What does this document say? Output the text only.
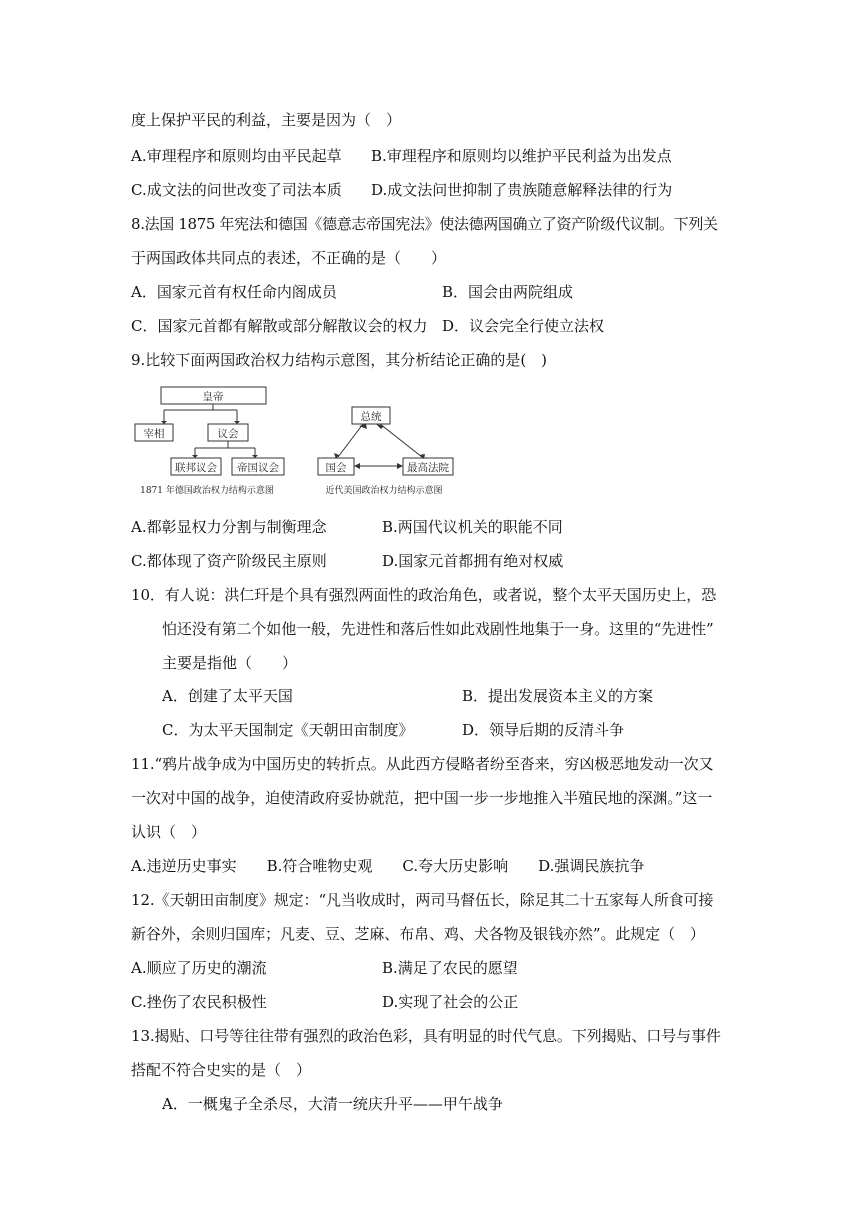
度上保护平民的利益，主要是因为（　）
A.审理程序和原则均由平民起草 B.审理程序和原则均以维护平民利益为出发点
C.成文法的问世改变了司法本质 D.成文法问世抑制了贵族随意解释法律的行为
8.法国 1875 年宪法和德国《德意志帝国宪法》使法德两国确立了资产阶级代议制。下列关
于两国政体共同点的表述，不正确的是（　　）
A．国家元首有权任命内阁成员	B．国会由两院组成
C．国家元首都有解散或部分解散议会的权力 D．议会完全行使立法权
9.比较下面两国政治权力结构示意图，其分析结论正确的是(　)
皇帝
宰相	议会
联邦议会 帝国议会
1871 年德国政治权力结构示意图
总统
国会	最高法院
近代美国政治权力结构示意图
A.都彰显权力分割与制衡理念	B.两国代议机关的职能不同
C.都体现了资产阶级民主原则	D.国家元首都拥有绝对权威
10．有人说：洪仁玕是个具有强烈两面性的政治角色，或者说，整个太平天国历史上，恐
怕还没有第二个如他一般，先进性和落后性如此戏剧性地集于一身。这里的“先进性”
主要是指他（　　）
A．创建了太平天国	B．提出发展资本主义的方案
C．为太平天国制定《天朝田亩制度》	D．领导后期的反清斗争
11.“鸦片战争成为中国历史的转折点。从此西方侵略者纷至沓来，穷凶极恶地发动一次又
一次对中国的战争，迫使清政府妥协就范，把中国一步一步地推入半殖民地的深渊。”这一
认识（　）
A.违逆历史事实　　B.符合唯物史观　　C.夸大历史影响　　D.强调民族抗争
12.《天朝田亩制度》规定：“凡当收成时，两司马督伍长，除足其二十五家每人所食可接
新谷外，余则归国库；凡麦、豆、芝麻、布帛、鸡、犬各物及银钱亦然”。此规定（　）
A.顺应了历史的潮流	B.满足了农民的愿望
C.挫伤了农民积极性	D.实现了社会的公正
13.揭贴、口号等往往带有强烈的政治色彩，具有明显的时代气息。下列揭贴、口号与事件
搭配不符合史实的是（　）
A．一概鬼子全杀尽，大清一统庆升平——甲午战争
